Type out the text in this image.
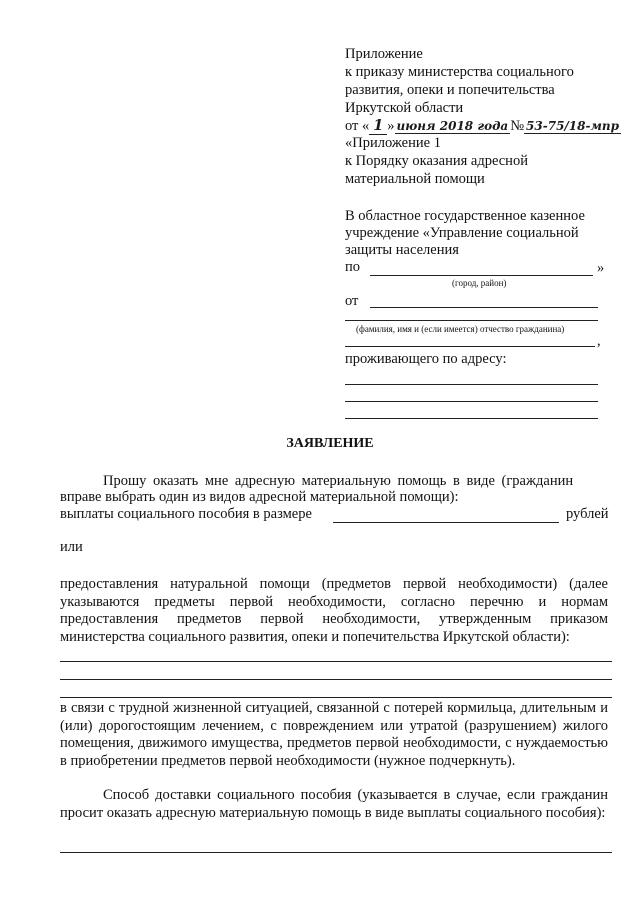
Приложение
к приказу министерства социального
развития, опеки и попечительства
Иркутской области
от « 1 » июня 2018 года № 53-75/18-мпр
«Приложение 1
к Порядку оказания адресной
материальной помощи
В областное государственное казенное
учреждение «Управление социальной
защиты населения
по	»
(город, район)
от
(фамилия, имя и (если имеется) отчество гражданина)
,
проживающего по адресу:
ЗАЯВЛЕНИЕ
Прошу оказать мне адресную материальную помощь в виде (гражданин
вправе выбрать один из видов адресной материальной помощи):
выплаты социального пособия в размере	рублей
или
предоставления натуральной помощи (предметов первой необходимости) (далее указываются предметы первой необходимости, согласно перечню и нормам предоставления предметов первой необходимости, утвержденным приказом министерства социального развития, опеки и попечительства Иркутской области):
в связи с трудной жизненной ситуацией, связанной с потерей кормильца, длительным и (или) дорогостоящим лечением, с повреждением или утратой (разрушением) жилого помещения, движимого имущества, предметов первой необходимости, с нуждаемостью в приобретении предметов первой необходимости (нужное подчеркнуть).
Способ доставки социального пособия (указывается в случае, если гражданин просит оказать адресную материальную помощь в виде выплаты социального пособия):
